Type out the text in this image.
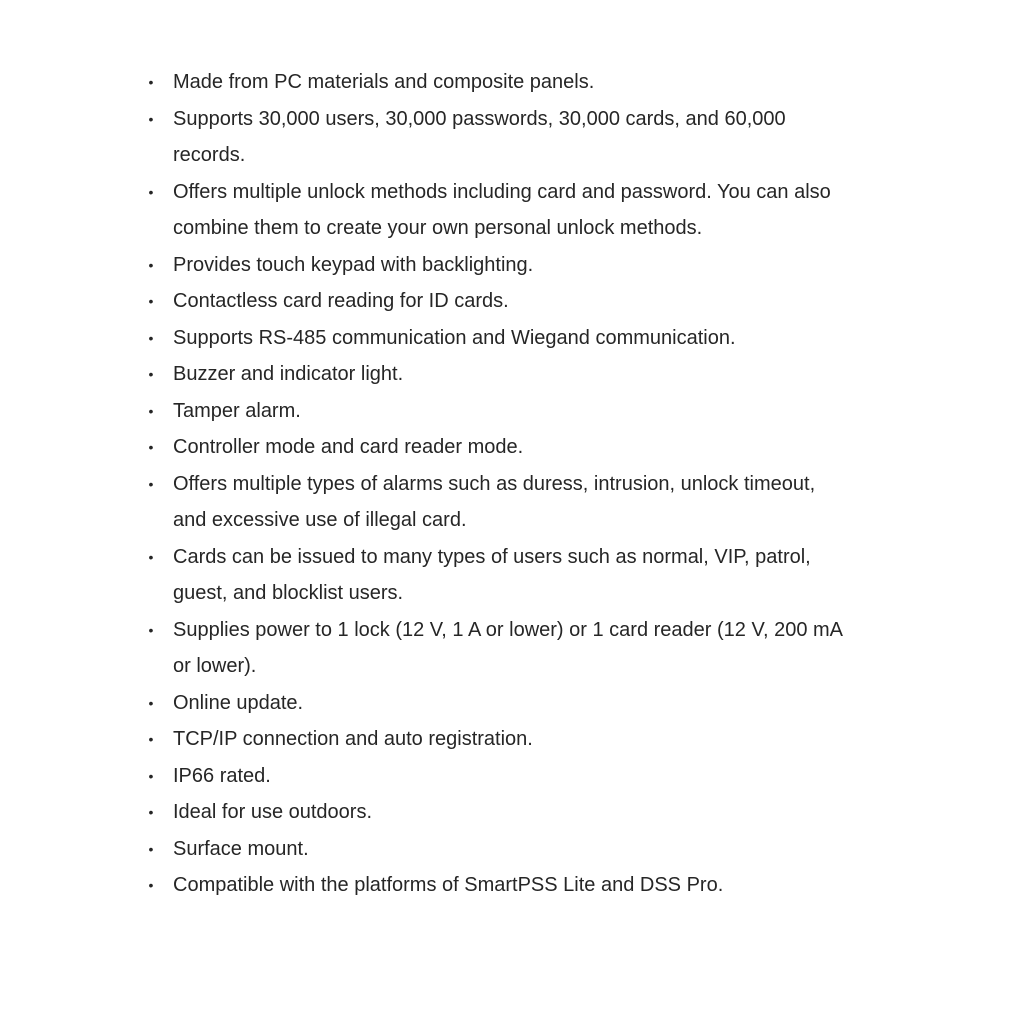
• Made from PC materials and composite panels.
• Supports 30,000 users, 30,000 passwords, 30,000 cards, and 60,000 records.
• Offers multiple unlock methods including card and password. You can also combine them to create your own personal unlock methods.
• Provides touch keypad with backlighting.
• Contactless card reading for ID cards.
• Supports RS-485 communication and Wiegand communication.
• Buzzer and indicator light.
• Tamper alarm.
• Controller mode and card reader mode.
• Offers multiple types of alarms such as duress, intrusion, unlock timeout, and excessive use of illegal card.
• Cards can be issued to many types of users such as normal, VIP, patrol, guest, and blocklist users.
• Supplies power to 1 lock (12 V, 1 A or lower) or 1 card reader (12 V, 200 mA or lower).
• Online update.
• TCP/IP connection and auto registration.
• IP66 rated.
• Ideal for use outdoors.
• Surface mount.
• Compatible with the platforms of SmartPSS Lite and DSS Pro.
